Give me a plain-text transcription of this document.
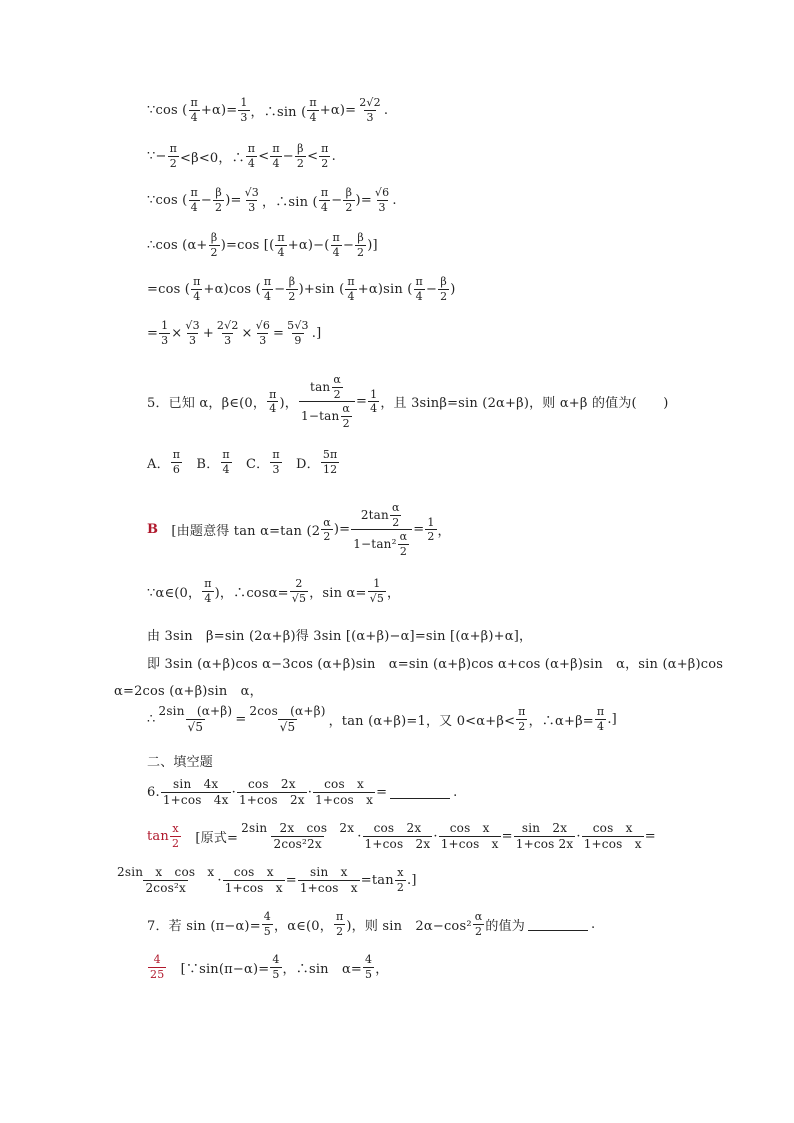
∵cos (
π
$4 +\alpha)= \frac{1}{3}$ ，∴sin (
π
$4 +\alpha)= \frac{2√2}{3}$ .
∵− $\frac{\pi}{2} <\beta<0$，∴
π
4 <
π
$4 - \frac{\beta}{2}$ <
π
2 .
∵cos (
π
$4 - \frac{\beta}{2}$ )= $\frac{√3}{3}$ ，∴sin (
π
$4 - \frac{\beta}{2}$ )= $\frac{√6}{3}$ .
∴cos $(\alpha+ \frac{\beta}{2} )=\cos$ [(
π
4 +α)−(
π
$4 - \frac{\beta}{2}$ )]
=cos (
π
4 +α)cos (
π
$4 - \frac{\beta}{2} )+\sin$ (
π
4 +α)sin (
π
$4 - \frac{\beta}{2}$ )
= $\frac{1}{3} \times \frac{√3}{3} + \frac{2√2}{3} \times \frac{√6}{3} = \frac{5√3}{9}$ .]
5．已知 α，β∈(0，
π
4 )， tan
α
2
1−tan
α
$2 = \frac{1}{4}$ ，且 3sinβ=sin (2α+β)，则 α+β 的值为(　　)
A．
π
6 　B．
π
4 　C．
π
3 　D．
5π
12
B 　[由题意得 tan α=tan (2
α
2 )= 2tan
α
2
1−tan²
α
$2 = \frac{1}{2}$ ，
∵α∈(0，
π
4 )，∴cosα= $\frac{2}{√5}$ ，$\sin \alpha= \frac{1}{√5}$ ，
由 3sin　β=sin (2α+β)得 3sin [(α+β)−α]=sin [(α+β)+α]，
即 3sin (α+β)cos α−3cos (α+β)sin　α=sin (α+β)cos α+cos (α+β)sin　α，sin (α+β)cos
α=2cos (α+β)sin　α，
∴ $\frac{2\sin (\alpha+\beta)}{√5} = \frac{2\cos (\alpha+\beta)}{√5}$ ，tan (α+β)=1，又 0<α+β<
π
2 ，∴α+β= $\frac{\pi}{4}$ .]
二、填空题
6.
sin　4x
1+cos　4x ·
cos　2x
1+cos　$2x \cdot \frac{\text{cos　x}}{\text{1+cos　x}}$ =	.
tan
x
2 　[原式= $\frac{\text{2sin　2x　cos　2x}}{\text{2cos²2x}}$ ·
cos　2x
1+cos　$2x \cdot \frac{\text{cos　x}}{\text{1+cos　x}} = \frac{\sin 2x}{1+\cos 2x} \cdot \frac{\text{cos　x}}{\text{1+cos　x}}$ =
2sin　x　cos　x
$2\cos^2x \cdot \frac{\text{cos　x}}{\text{1+cos　x}} = \frac{\text{sin　x}}{\text{1+cos　x}} =\tan$
x
2 .]
7．若 $\sin (\pi-\alpha)= \frac{4}{5}$ ，α∈(0，
π
2 )，则 sin　2α−cos²
α
2 的值为	.
4
25 　[∵sin(π−α)= $\frac{4}{5}$ ，∴sin　$\alpha= \frac{4}{5}$ ，
